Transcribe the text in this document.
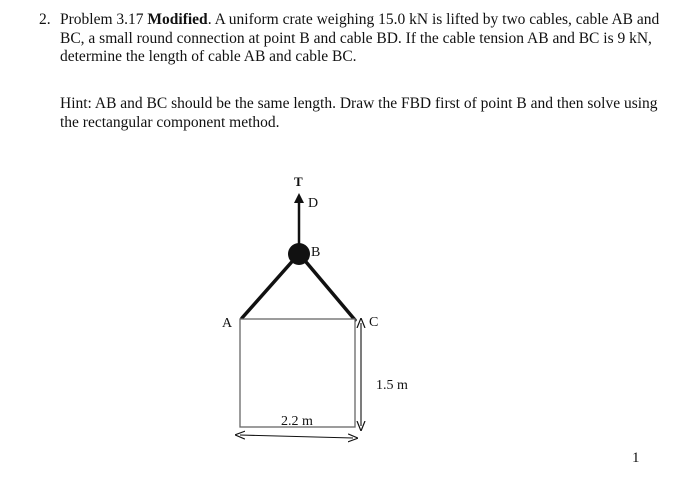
2. Problem 3.17 Modified. A uniform crate weighing 15.0 kN is lifted by two cables, cable AB and BC, a small round connection at point B and cable BD. If the cable tension AB and BC is 9 kN, determine the length of cable AB and cable BC.
Hint: AB and BC should be the same length. Draw the FBD first of point B and then solve using the rectangular component method.
T
D
B
A	C
2.2 m
1.5 m
1
